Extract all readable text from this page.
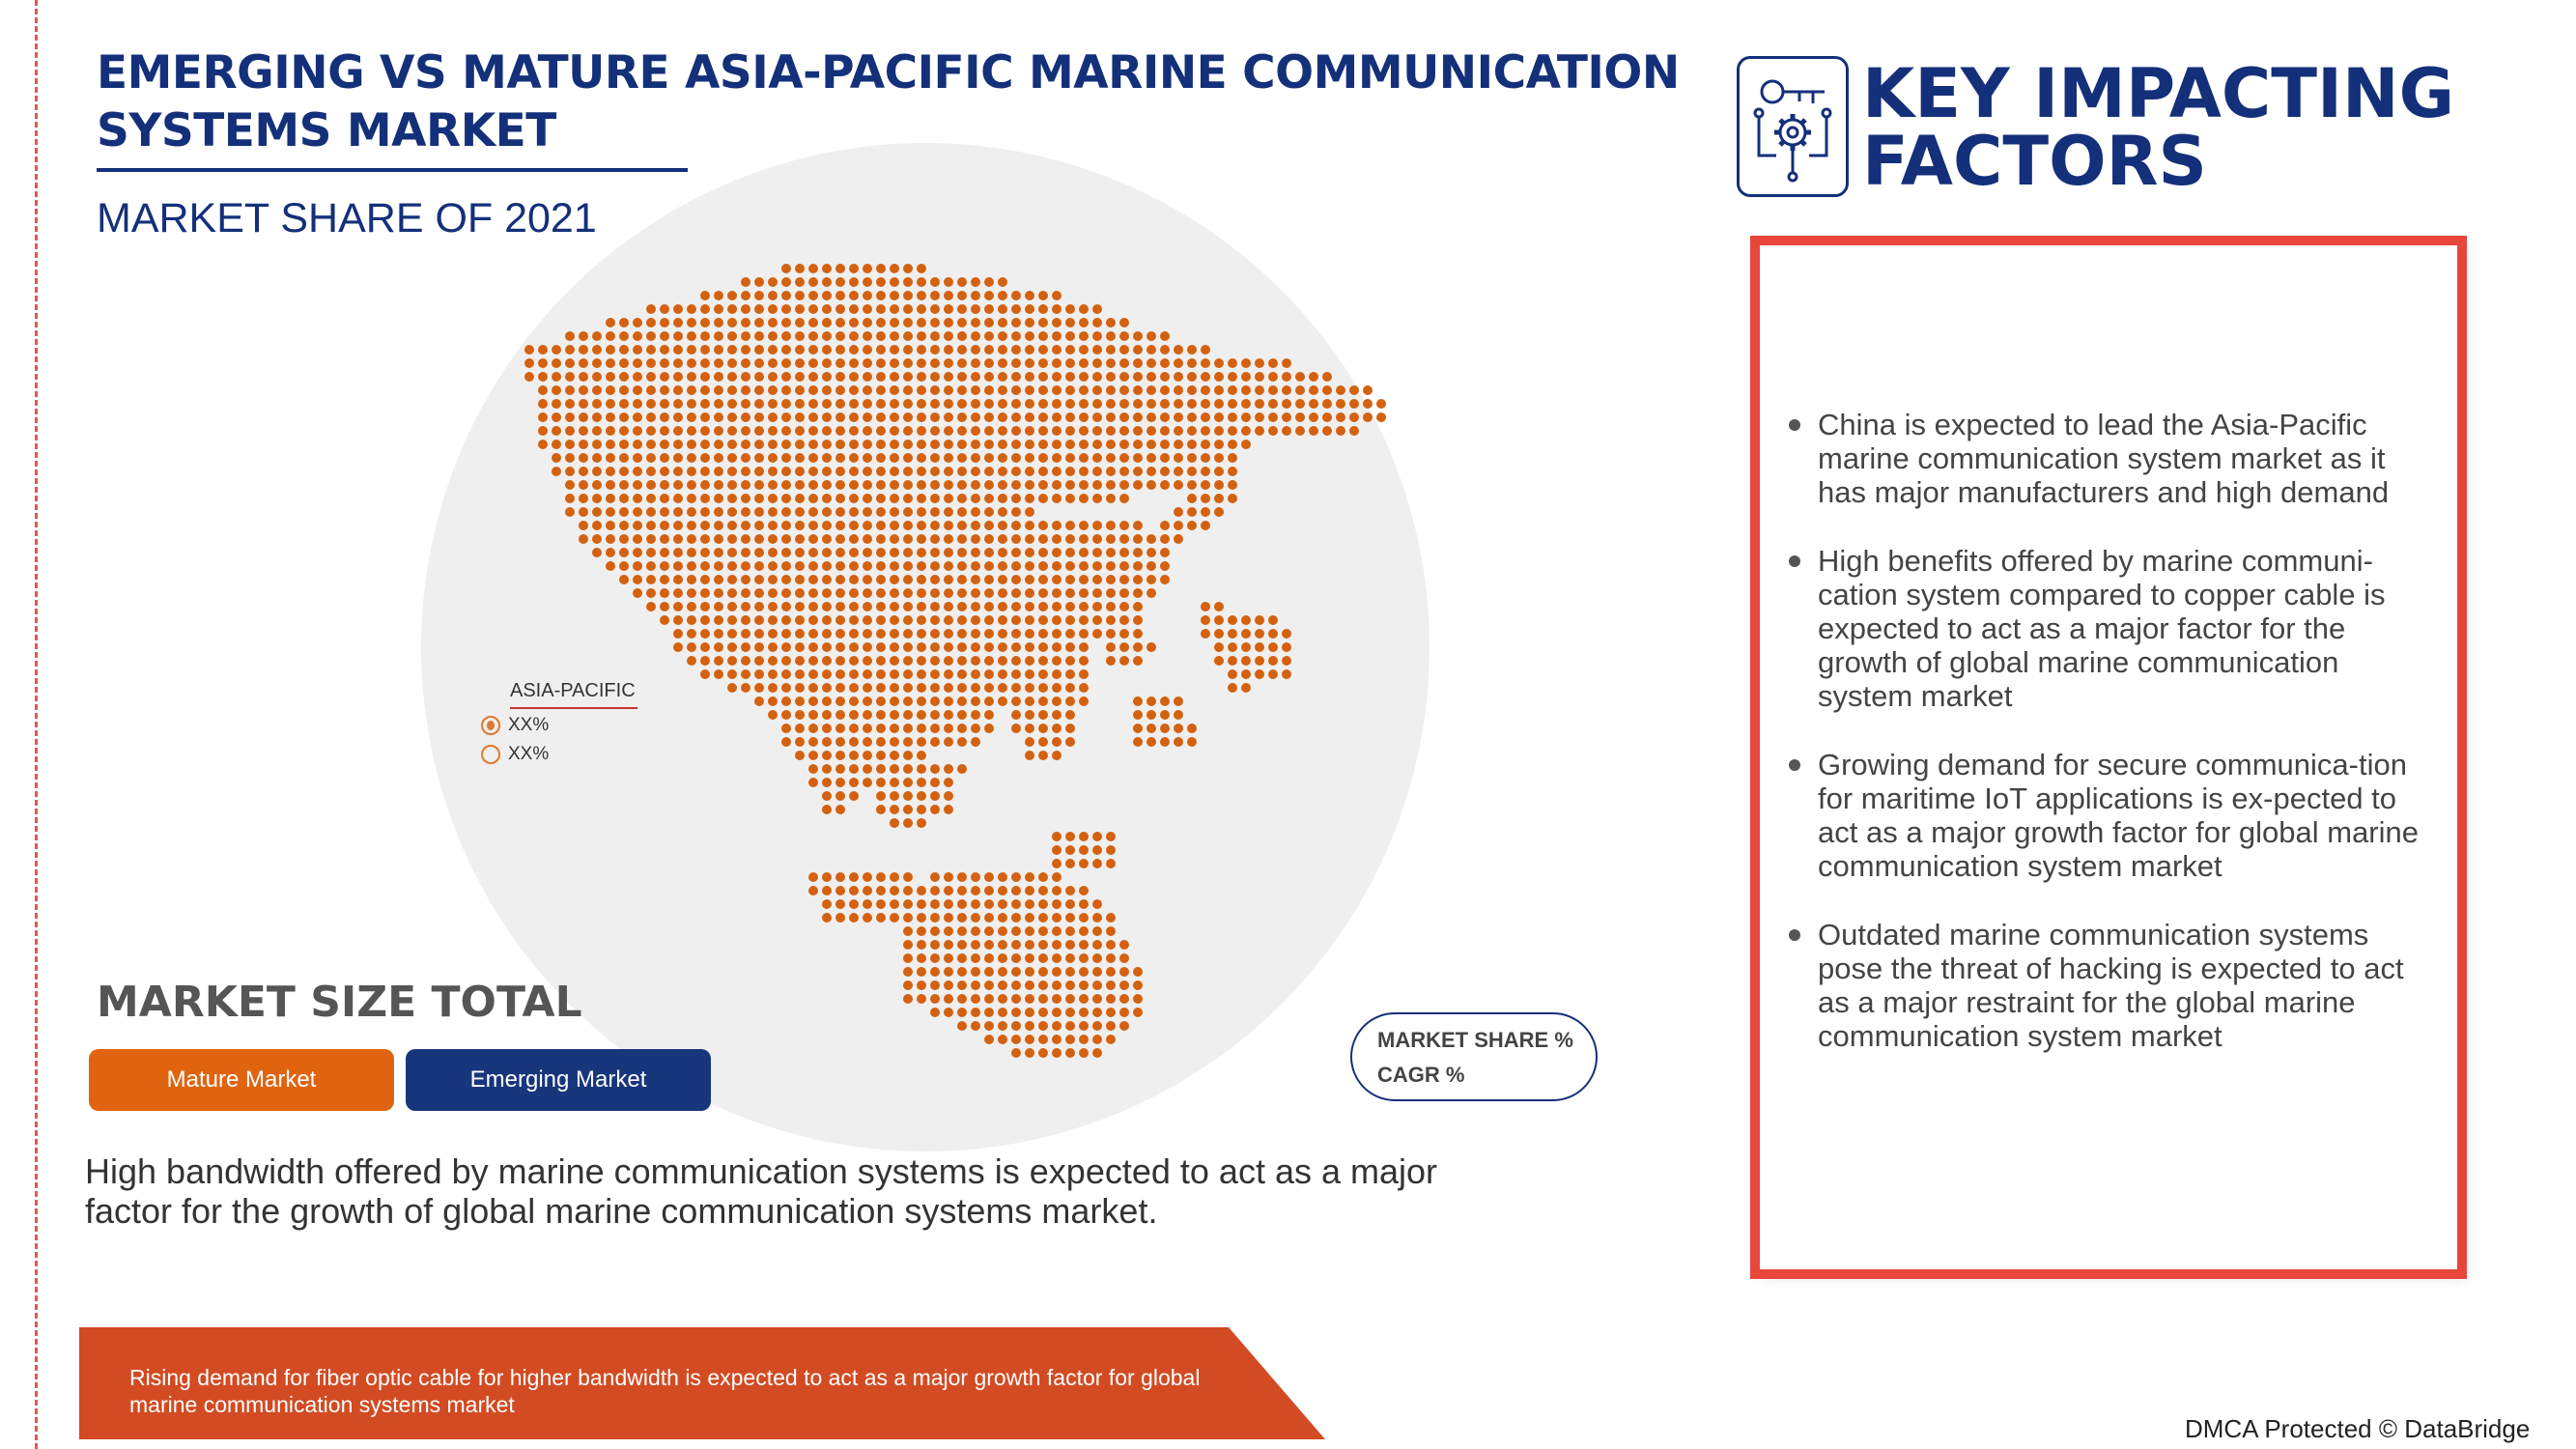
EMERGING VS MATURE ASIA-PACIFIC MARINE COMMUNICATION SYSTEMS MARKET
MARKET SHARE OF 2021
ASIA-PACIFIC
XX%
XX%
MARKET SIZE TOTAL
Mature Market	Emerging Market
MARKET SHARE %
CAGR %

High bandwidth offered by marine communication systems is expected to act as a major factor for the growth of global marine communication systems market.

Rising demand for fiber optic cable for higher bandwidth is expected to act as a major growth factor for global marine communication systems market

KEY IMPACTING
FACTORS
China is expected to lead the Asia-Pacific marine communication system market as it has major manufacturers and high demand
High benefits offered by marine communi-cation system compared to copper cable is expected to act as a major factor for the growth of global marine communication system market
Growing demand for secure communica-tion for maritime IoT applications is ex-pected to act as a major growth factor for global marine communication system market
Outdated marine communication systems pose the threat of hacking is expected to act as a major restraint for the global marine communication system market
DMCA Protected © DataBridge
